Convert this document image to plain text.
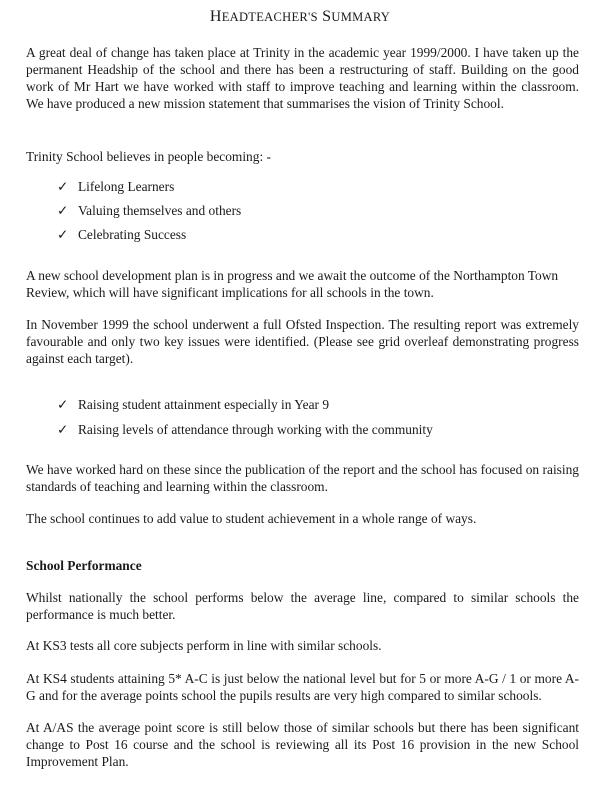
HEADTEACHER'S SUMMARY
A great deal of change has taken place at Trinity in the academic year 1999/2000. I have taken up the permanent Headship of the school and there has been a restructuring of staff. Building on the good work of Mr Hart we have worked with staff to improve teaching and learning within the classroom. We have produced a new mission statement that summarises the vision of Trinity School.
Trinity School believes in people becoming: -
✓ Lifelong Learners
✓ Valuing themselves and others
✓ Celebrating Success
A new school development plan is in progress and we await the outcome of the Northampton Town Review, which will have significant implications for all schools in the town.
In November 1999 the school underwent a full Ofsted Inspection. The resulting report was extremely favourable and only two key issues were identified. (Please see grid overleaf demonstrating progress against each target).
✓ Raising student attainment especially in Year 9
✓ Raising levels of attendance through working with the community
We have worked hard on these since the publication of the report and the school has focused on raising standards of teaching and learning within the classroom.
The school continues to add value to student achievement in a whole range of ways.
School Performance
Whilst nationally the school performs below the average line, compared to similar schools the performance is much better.
At KS3 tests all core subjects perform in line with similar schools.
At KS4 students attaining 5* A-C is just below the national level but for 5 or more A-G / 1 or more A-G and for the average points school the pupils results are very high compared to similar schools.
At A/AS the average point score is still below those of similar schools but there has been significant change to Post 16 course and the school is reviewing all its Post 16 provision in the new School Improvement Plan.
